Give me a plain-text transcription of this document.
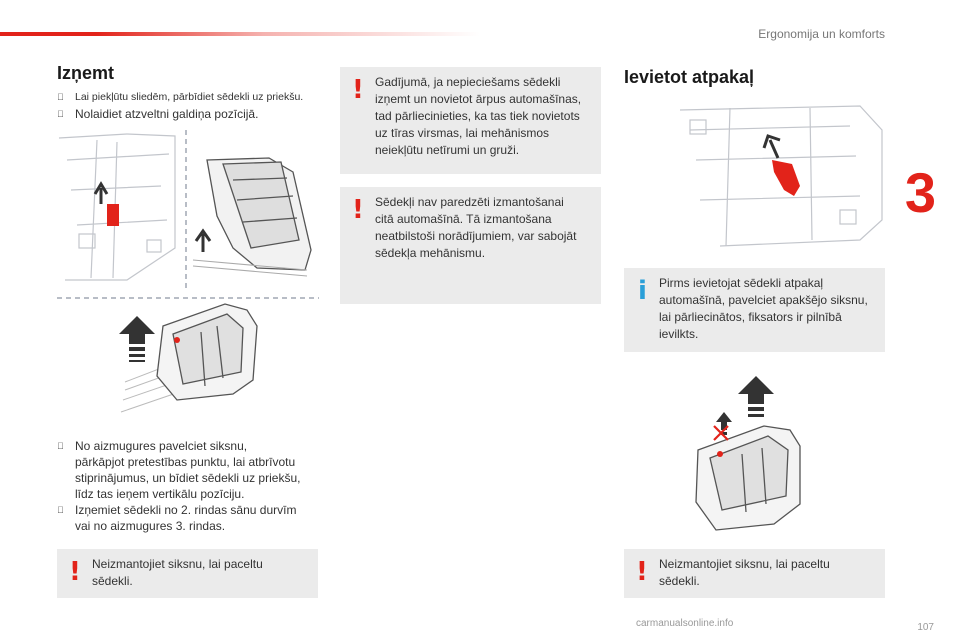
Ergonomija un komforts
3
Izņemt
Lai piekļūtu sliedēm, pārbīdiet sēdekli uz priekšu.
Nolaidiet atzveltni galdiņa pozīcijā.
No aizmugures pavelciet siksnu,
pārkāpjot pretestības punktu, lai atbrīvotu
stiprinājumus, un bīdiet sēdekli uz priekšu,
līdz tas ieņem vertikālu pozīciju.
Izņemiet sēdekli no 2. rindas sānu durvīm
vai no aizmugures 3. rindas.
! Neizmantojiet siksnu, lai paceltu
sēdekli.
! Gadījumā, ja nepieciešams sēdekli
izņemt un novietot ārpus automašīnas,
tad pārliecinieties, ka tas tiek novietots
uz tīras virsmas, lai mehānismos
neiekļūtu netīrumi un gruži.
! Sēdekļi nav paredzēti izmantošanai
citā automašīnā. Tā izmantošana
neatbilstoši norādījumiem, var sabojāt
sēdekļa mehānismu.
Ievietot atpakaļ
i Pirms ievietojat sēdekli atpakaļ
automašīnā, pavelciet apakšējo siksnu,
lai pārliecinātos, fiksators ir pilnībā
ievilkts.
! Neizmantojiet siksnu, lai paceltu
sēdekli.
carmanualsonline.info	107
